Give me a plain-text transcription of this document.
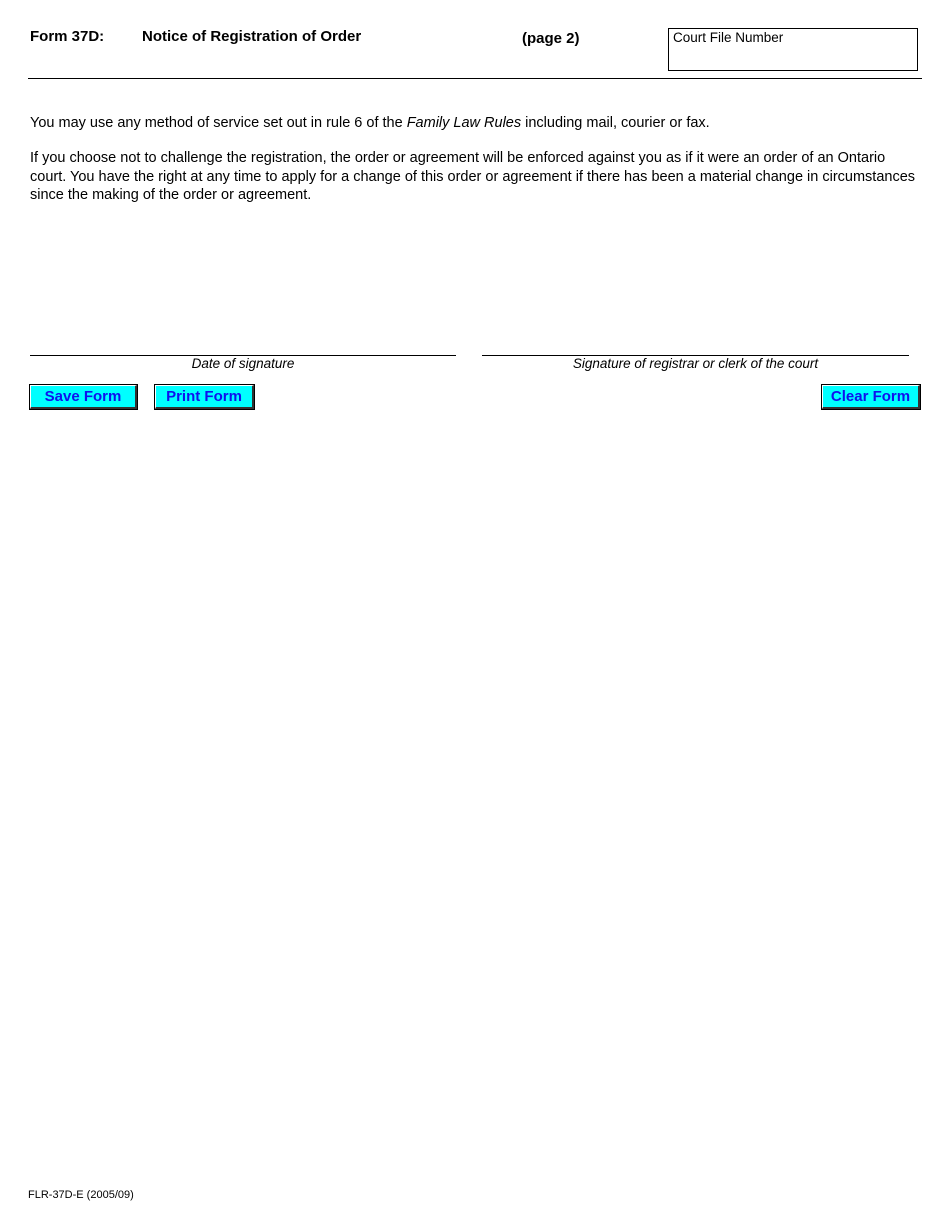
Form 37D:	Notice of Registration of Order	(page 2)	Court File Number
You may use any method of service set out in rule 6 of the Family Law Rules including mail, courier or fax.
If you choose not to challenge the registration, the order or agreement will be enforced against you as if it were an order of an Ontario court. You have the right at any time to apply for a change of this order or agreement if there has been a material change in circumstances since the making of the order or agreement.
Date of signature	Signature of registrar or clerk of the court
Save Form	Print Form	Clear Form
FLR-37D-E (2005/09)
